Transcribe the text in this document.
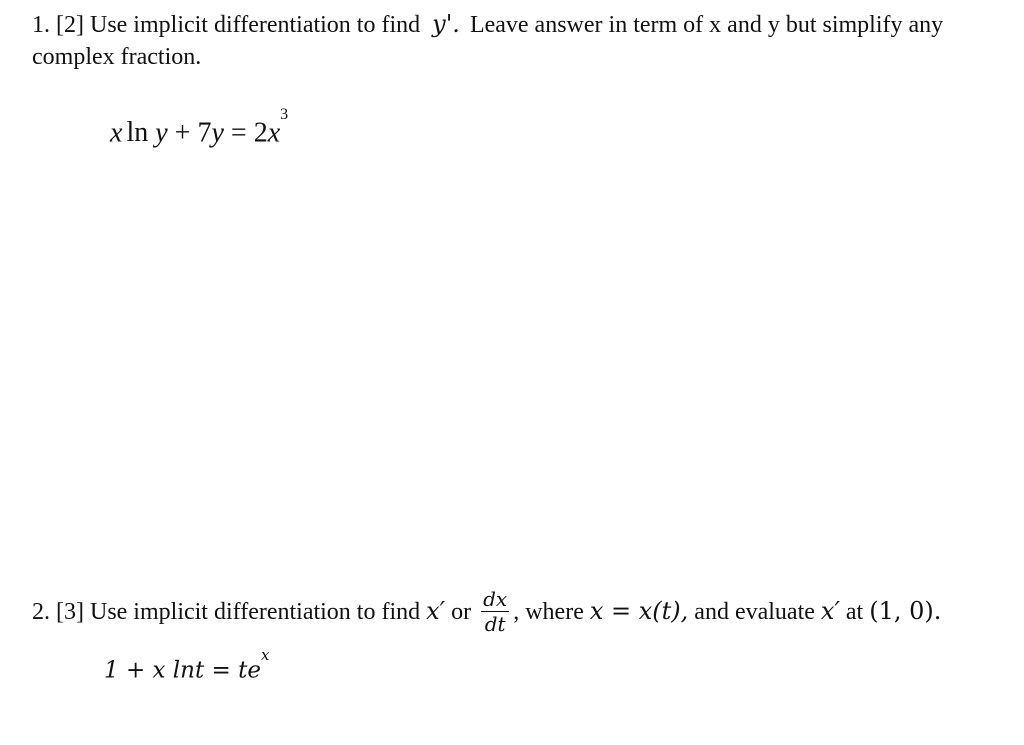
1. [2] Use implicit differentiation to find y'. Leave answer in term of x and y but simplify any
complex fraction.
x $\ln y + 7y = 2x^3$
2. [3] Use implicit differentiation to find x′ or $\frac{dx}{dt}$ , where x = x(t), and evaluate x′ at (1, 0).
1 + x $\ln t = te^x$
